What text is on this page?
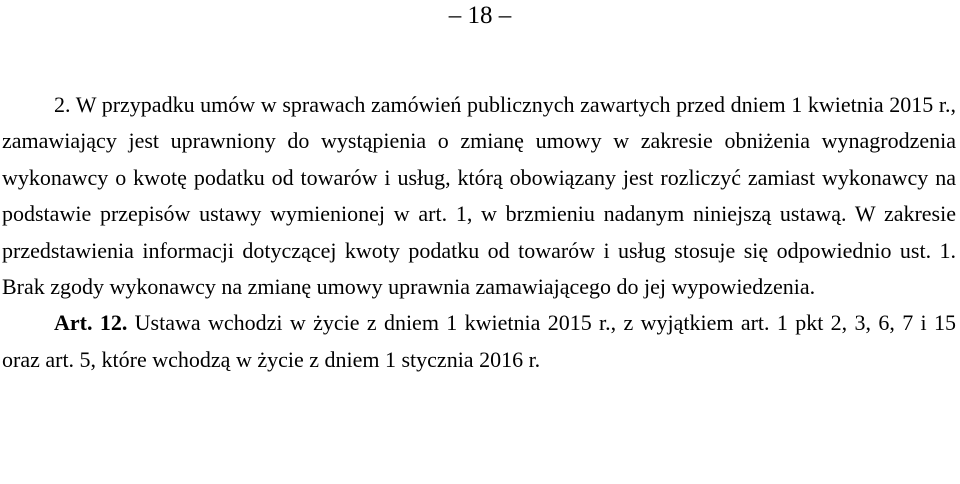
– 18 –

2. W przypadku umów w sprawach zamówień publicznych zawartych przed dniem 1 kwietnia 2015 r., zamawiający jest uprawniony do wystąpienia o zmianę umowy w zakresie obniżenia wynagrodzenia wykonawcy o kwotę podatku od towarów i usług, którą obowiązany jest rozliczyć zamiast wykonawcy na podstawie przepisów ustawy wymienionej w art. 1, w brzmieniu nadanym niniejszą ustawą. W zakresie przedstawienia informacji dotyczącej kwoty podatku od towarów i usług stosuje się odpowiednio ust. 1. Brak zgody wykonawcy na zmianę umowy uprawnia zamawiającego do jej wypowiedzenia.

Art. 12. Ustawa wchodzi w życie z dniem 1 kwietnia 2015 r., z wyjątkiem art. 1 pkt 2, 3, 6, 7 i 15 oraz art. 5, które wchodzą w życie z dniem 1 stycznia 2016 r.
